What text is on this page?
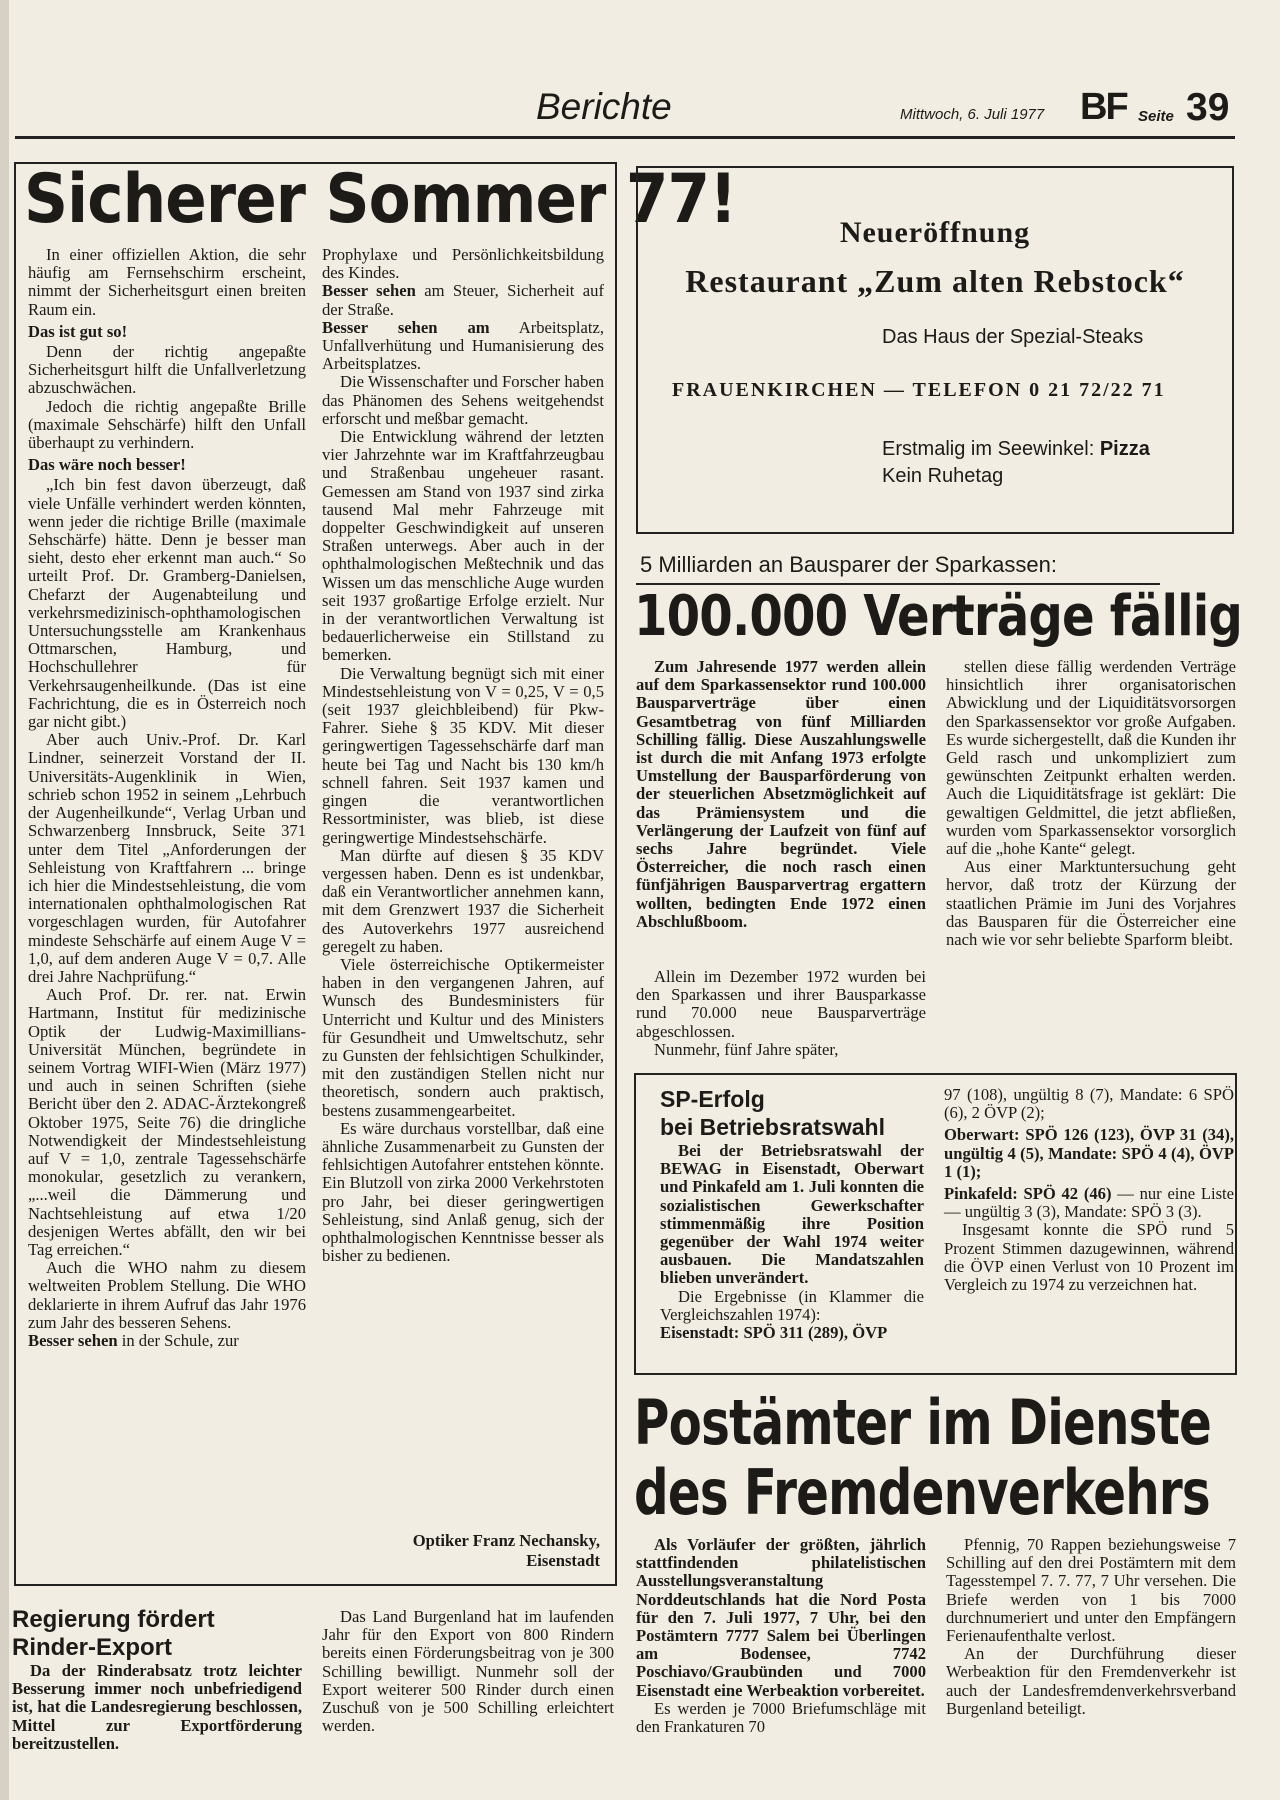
Berichte	Mittwoch, 6. Juli 1977 BF Seite 39
Sicherer Sommer 77!

In einer offiziellen Aktion, die sehr häufig am Fernsehschirm erscheint, nimmt der Sicherheitsgurt einen breiten Raum ein.

Das ist gut so!

Denn der richtig angepaßte Sicherheitsgurt hilft die Unfallverletzung abzuschwächen.

Jedoch die richtig angepaßte Brille (maximale Sehschärfe) hilft den Unfall überhaupt zu verhindern.

Das wäre noch besser!

„Ich bin fest davon überzeugt, daß viele Unfälle verhindert werden könnten, wenn jeder die richtige Brille (maximale Sehschärfe) hätte. Denn je besser man sieht, desto eher erkennt man auch.“ So urteilt Prof. Dr. Gramberg-Danielsen, Chefarzt der Augenabteilung und verkehrsmedizinisch-ophthamologischen Untersuchungsstelle am Krankenhaus Ottmarschen, Hamburg, und Hochschullehrer für Verkehrsaugenheilkunde. (Das ist eine Fachrichtung, die es in Österreich noch gar nicht gibt.)

Aber auch Univ.-Prof. Dr. Karl Lindner, seinerzeit Vorstand der II. Universitäts-Augenklinik in Wien, schrieb schon 1952 in seinem „Lehrbuch der Augenheilkunde“, Verlag Urban und Schwarzenberg Innsbruck, Seite 371 unter dem Titel „Anforderungen der Sehleistung von Kraftfahrern ... bringe ich hier die Mindestsehleistung, die vom internationalen ophthalmologischen Rat vorgeschlagen wurden, für Autofahrer mindeste Sehschärfe auf einem Auge V = 1,0, auf dem anderen Auge V = 0,7. Alle drei Jahre Nachprüfung.“

Auch Prof. Dr. rer. nat. Erwin Hartmann, Institut für medizinische Optik der Ludwig-Maximillians-Universität München, begründete in seinem Vortrag WIFI-Wien (März 1977) und auch in seinen Schriften (siehe Bericht über den 2. ADAC-Ärztekongreß Oktober 1975, Seite 76) die dringliche Notwendigkeit der Mindestsehleistung auf V = 1,0, zentrale Tagessehschärfe monokular, gesetzlich zu verankern, „...weil die Dämmerung und Nachtsehleistung auf etwa 1/20 desjenigen Wertes abfällt, den wir bei Tag erreichen.“

Auch die WHO nahm zu diesem weltweiten Problem Stellung. Die WHO deklarierte in ihrem Aufruf das Jahr 1976 zum Jahr des besseren Sehens.

Besser sehen in der Schule, zur

Prophylaxe und Persönlichkeitsbildung des Kindes.

Besser sehen am Steuer, Sicherheit auf der Straße.

Besser sehen am Arbeitsplatz, Unfallverhütung und Humanisierung des Arbeitsplatzes.

Die Wissenschafter und Forscher haben das Phänomen des Sehens weitgehendst erforscht und meßbar gemacht.

Die Entwicklung während der letzten vier Jahrzehnte war im Kraftfahrzeugbau und Straßenbau ungeheuer rasant. Gemessen am Stand von 1937 sind zirka tausend Mal mehr Fahrzeuge mit doppelter Geschwindigkeit auf unseren Straßen unterwegs. Aber auch in der ophthalmologischen Meßtechnik und das Wissen um das menschliche Auge wurden seit 1937 großartige Erfolge erzielt. Nur in der verantwortlichen Verwaltung ist bedauerlicherweise ein Stillstand zu bemerken.

Die Verwaltung begnügt sich mit einer Mindestsehleistung von V = 0,25, V = 0,5 (seit 1937 gleichbleibend) für Pkw-Fahrer. Siehe § 35 KDV. Mit dieser geringwertigen Tagessehschärfe darf man heute bei Tag und Nacht bis 130 km/h schnell fahren. Seit 1937 kamen und gingen die verantwortlichen Ressortminister, was blieb, ist diese geringwertige Mindestsehschärfe.

Man dürfte auf diesen § 35 KDV vergessen haben. Denn es ist undenkbar, daß ein Verantwortlicher annehmen kann, mit dem Grenzwert 1937 die Sicherheit des Autoverkehrs 1977 ausreichend geregelt zu haben.

Viele österreichische Optikermeister haben in den vergangenen Jahren, auf Wunsch des Bundesministers für Unterricht und Kultur und des Ministers für Gesundheit und Umweltschutz, sehr zu Gunsten der fehlsichtigen Schulkinder, mit den zuständigen Stellen nicht nur theoretisch, sondern auch praktisch, bestens zusammengearbeitet.

Es wäre durchaus vorstellbar, daß eine ähnliche Zusammenarbeit zu Gunsten der fehlsichtigen Autofahrer entstehen könnte. Ein Blutzoll von zirka 2000 Verkehrstoten pro Jahr, bei dieser geringwertigen Sehleistung, sind Anlaß genug, sich der ophthalmologischen Kenntnisse besser als bisher zu bedienen.

Optiker Franz Nechansky,
Eisenstadt
Regierung fördert
Rinder-Export
Da der Rinderabsatz trotz leichter Besserung immer noch unbefriedigend ist, hat die Landesregierung beschlossen, Mittel zur Exportförderung bereitzustellen.
Das Land Burgenland hat im laufenden Jahr für den Export von 800 Rindern bereits einen Förderungsbeitrag von je 300 Schilling bewilligt. Nunmehr soll der Export weiterer 500 Rinder durch einen Zuschuß von je 500 Schilling erleichtert werden.
Neueröffnung
Restaurant „Zum alten Rebstock“
Das Haus der Spezial-Steaks
FRAUENKIRCHEN — TELEFON 0 21 72/22 71
Erstmalig im Seewinkel: Pizza
Kein Ruhetag
5 Milliarden an Bausparer der Sparkassen:
100.000 Verträge fällig
Zum Jahresende 1977 werden allein auf dem Sparkassensektor rund 100.000 Bausparverträge über einen Gesamtbetrag von fünf Milliarden Schilling fällig. Diese Auszahlungswelle ist durch die mit Anfang 1973 erfolgte Umstellung der Bausparförderung von der steuerlichen Absetzmöglichkeit auf das Prämiensystem und die Verlängerung der Laufzeit von fünf auf sechs Jahre begründet. Viele Österreicher, die noch rasch einen fünfjährigen Bausparvertrag ergattern wollten, bedingten Ende 1972 einen Abschlußboom.

Allein im Dezember 1972 wurden bei den Sparkassen und ihrer Bausparkasse rund 70.000 neue Bausparverträge abgeschlossen.

Nunmehr, fünf Jahre später,

stellen diese fällig werdenden Verträge hinsichtlich ihrer organisatorischen Abwicklung und der Liquiditätsvorsorgen den Sparkassensektor vor große Aufgaben. Es wurde sichergestellt, daß die Kunden ihr Geld rasch und unkompliziert zum gewünschten Zeitpunkt erhalten werden. Auch die Liquiditätsfrage ist geklärt: Die gewaltigen Geldmittel, die jetzt abfließen, wurden vom Sparkassensektor vorsorglich auf die „hohe Kante“ gelegt.

Aus einer Marktuntersuchung geht hervor, daß trotz der Kürzung der staatlichen Prämie im Juni des Vorjahres das Bausparen für die Österreicher eine nach wie vor sehr beliebte Sparform bleibt.

SP-Erfolg
bei Betriebsratswahl

Bei der Betriebsratswahl der BEWAG in Eisenstadt, Oberwart und Pinkafeld am 1. Juli konnten die sozialistischen Gewerkschafter stimmenmäßig ihre Position gegenüber der Wahl 1974 weiter ausbauen. Die Mandatszahlen blieben unverändert.

Die Ergebnisse (in Klammer die Vergleichszahlen 1974):

Eisenstadt: SPÖ 311 (289), ÖVP

97 (108), ungültig 8 (7), Mandate: 6 SPÖ (6), 2 ÖVP (2);

Oberwart: SPÖ 126 (123), ÖVP 31 (34), ungültig 4 (5), Mandate: SPÖ 4 (4), ÖVP 1 (1);

Pinkafeld: SPÖ 42 (46) — nur eine Liste — ungültig 3 (3), Mandate: SPÖ 3 (3).

Insgesamt konnte die SPÖ rund 5 Prozent Stimmen dazugewinnen, während die ÖVP einen Verlust von 10 Prozent im Vergleich zu 1974 zu verzeichnen hat.

Postämter im Dienste
des Fremdenverkehrs

Als Vorläufer der größten, jährlich stattfindenden philatelistischen Ausstellungsveranstaltung Norddeutschlands hat die Nord Posta für den 7. Juli 1977, 7 Uhr, bei den Postämtern 7777 Salem bei Überlingen am Bodensee, 7742 Poschiavo/Graubünden und 7000 Eisenstadt eine Werbeaktion vorbereitet.

Es werden je 7000 Briefumschläge mit den Frankaturen 70

Pfennig, 70 Rappen beziehungsweise 7 Schilling auf den drei Postämtern mit dem Tagesstempel 7. 7. 77, 7 Uhr versehen. Die Briefe werden von 1 bis 7000 durchnumeriert und unter den Empfängern Ferienaufenthalte verlost.

An der Durchführung dieser Werbeaktion für den Fremdenverkehr ist auch der Landesfremdenverkehrsverband Burgenland beteiligt.
